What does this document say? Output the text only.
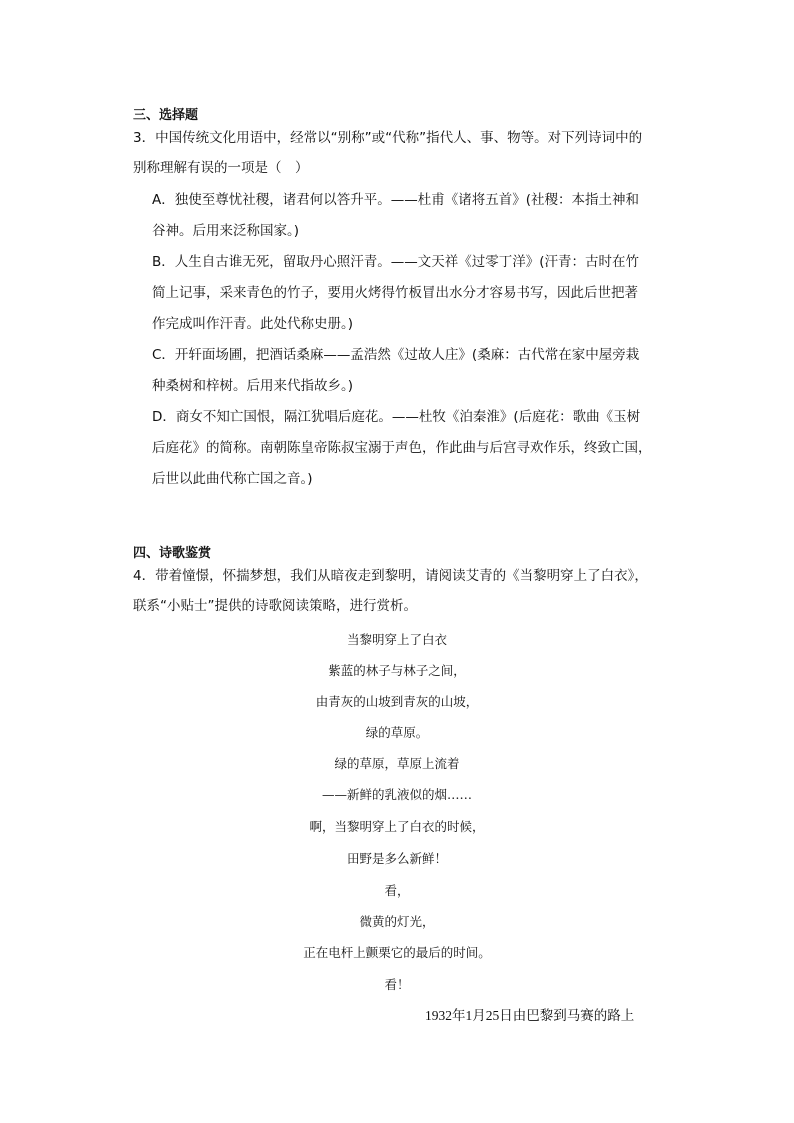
三、选择题
3．中国传统文化用语中，经常以“别称”或“代称”指代人、事、物等。对下列诗词中的
别称理解有误的一项是（　）
A．独使至尊忧社稷，诸君何以答升平。——杜甫《诸将五首》(社稷：本指土神和
谷神。后用来泛称国家。)
B．人生自古谁无死，留取丹心照汗青。——文天祥《过零丁洋》(汗青：古时在竹
简上记事，采来青色的竹子，要用火烤得竹板冒出水分才容易书写，因此后世把著
作完成叫作汗青。此处代称史册。)
C．开轩面场圃，把酒话桑麻——孟浩然《过故人庄》(桑麻：古代常在家中屋旁栽
种桑树和梓树。后用来代指故乡。)
D．商女不知亡国恨，隔江犹唱后庭花。——杜牧《泊秦淮》(后庭花：歌曲《玉树
后庭花》的简称。南朝陈皇帝陈叔宝溺于声色，作此曲与后宫寻欢作乐，终致亡国，
后世以此曲代称亡国之音。)
四、诗歌鉴赏
4．带着憧憬，怀揣梦想，我们从暗夜走到黎明，请阅读艾青的《当黎明穿上了白衣》，
联系“小贴士”提供的诗歌阅读策略，进行赏析。
当黎明穿上了白衣
紫蓝的林子与林子之间，
由青灰的山坡到青灰的山坡，
绿的草原。
绿的草原，草原上流着
——新鲜的乳液似的烟……
啊，当黎明穿上了白衣的时候，
田野是多么新鲜！
看，
微黄的灯光，
正在电杆上颤栗它的最后的时间。
看！
1932年1月25日由巴黎到马赛的路上
